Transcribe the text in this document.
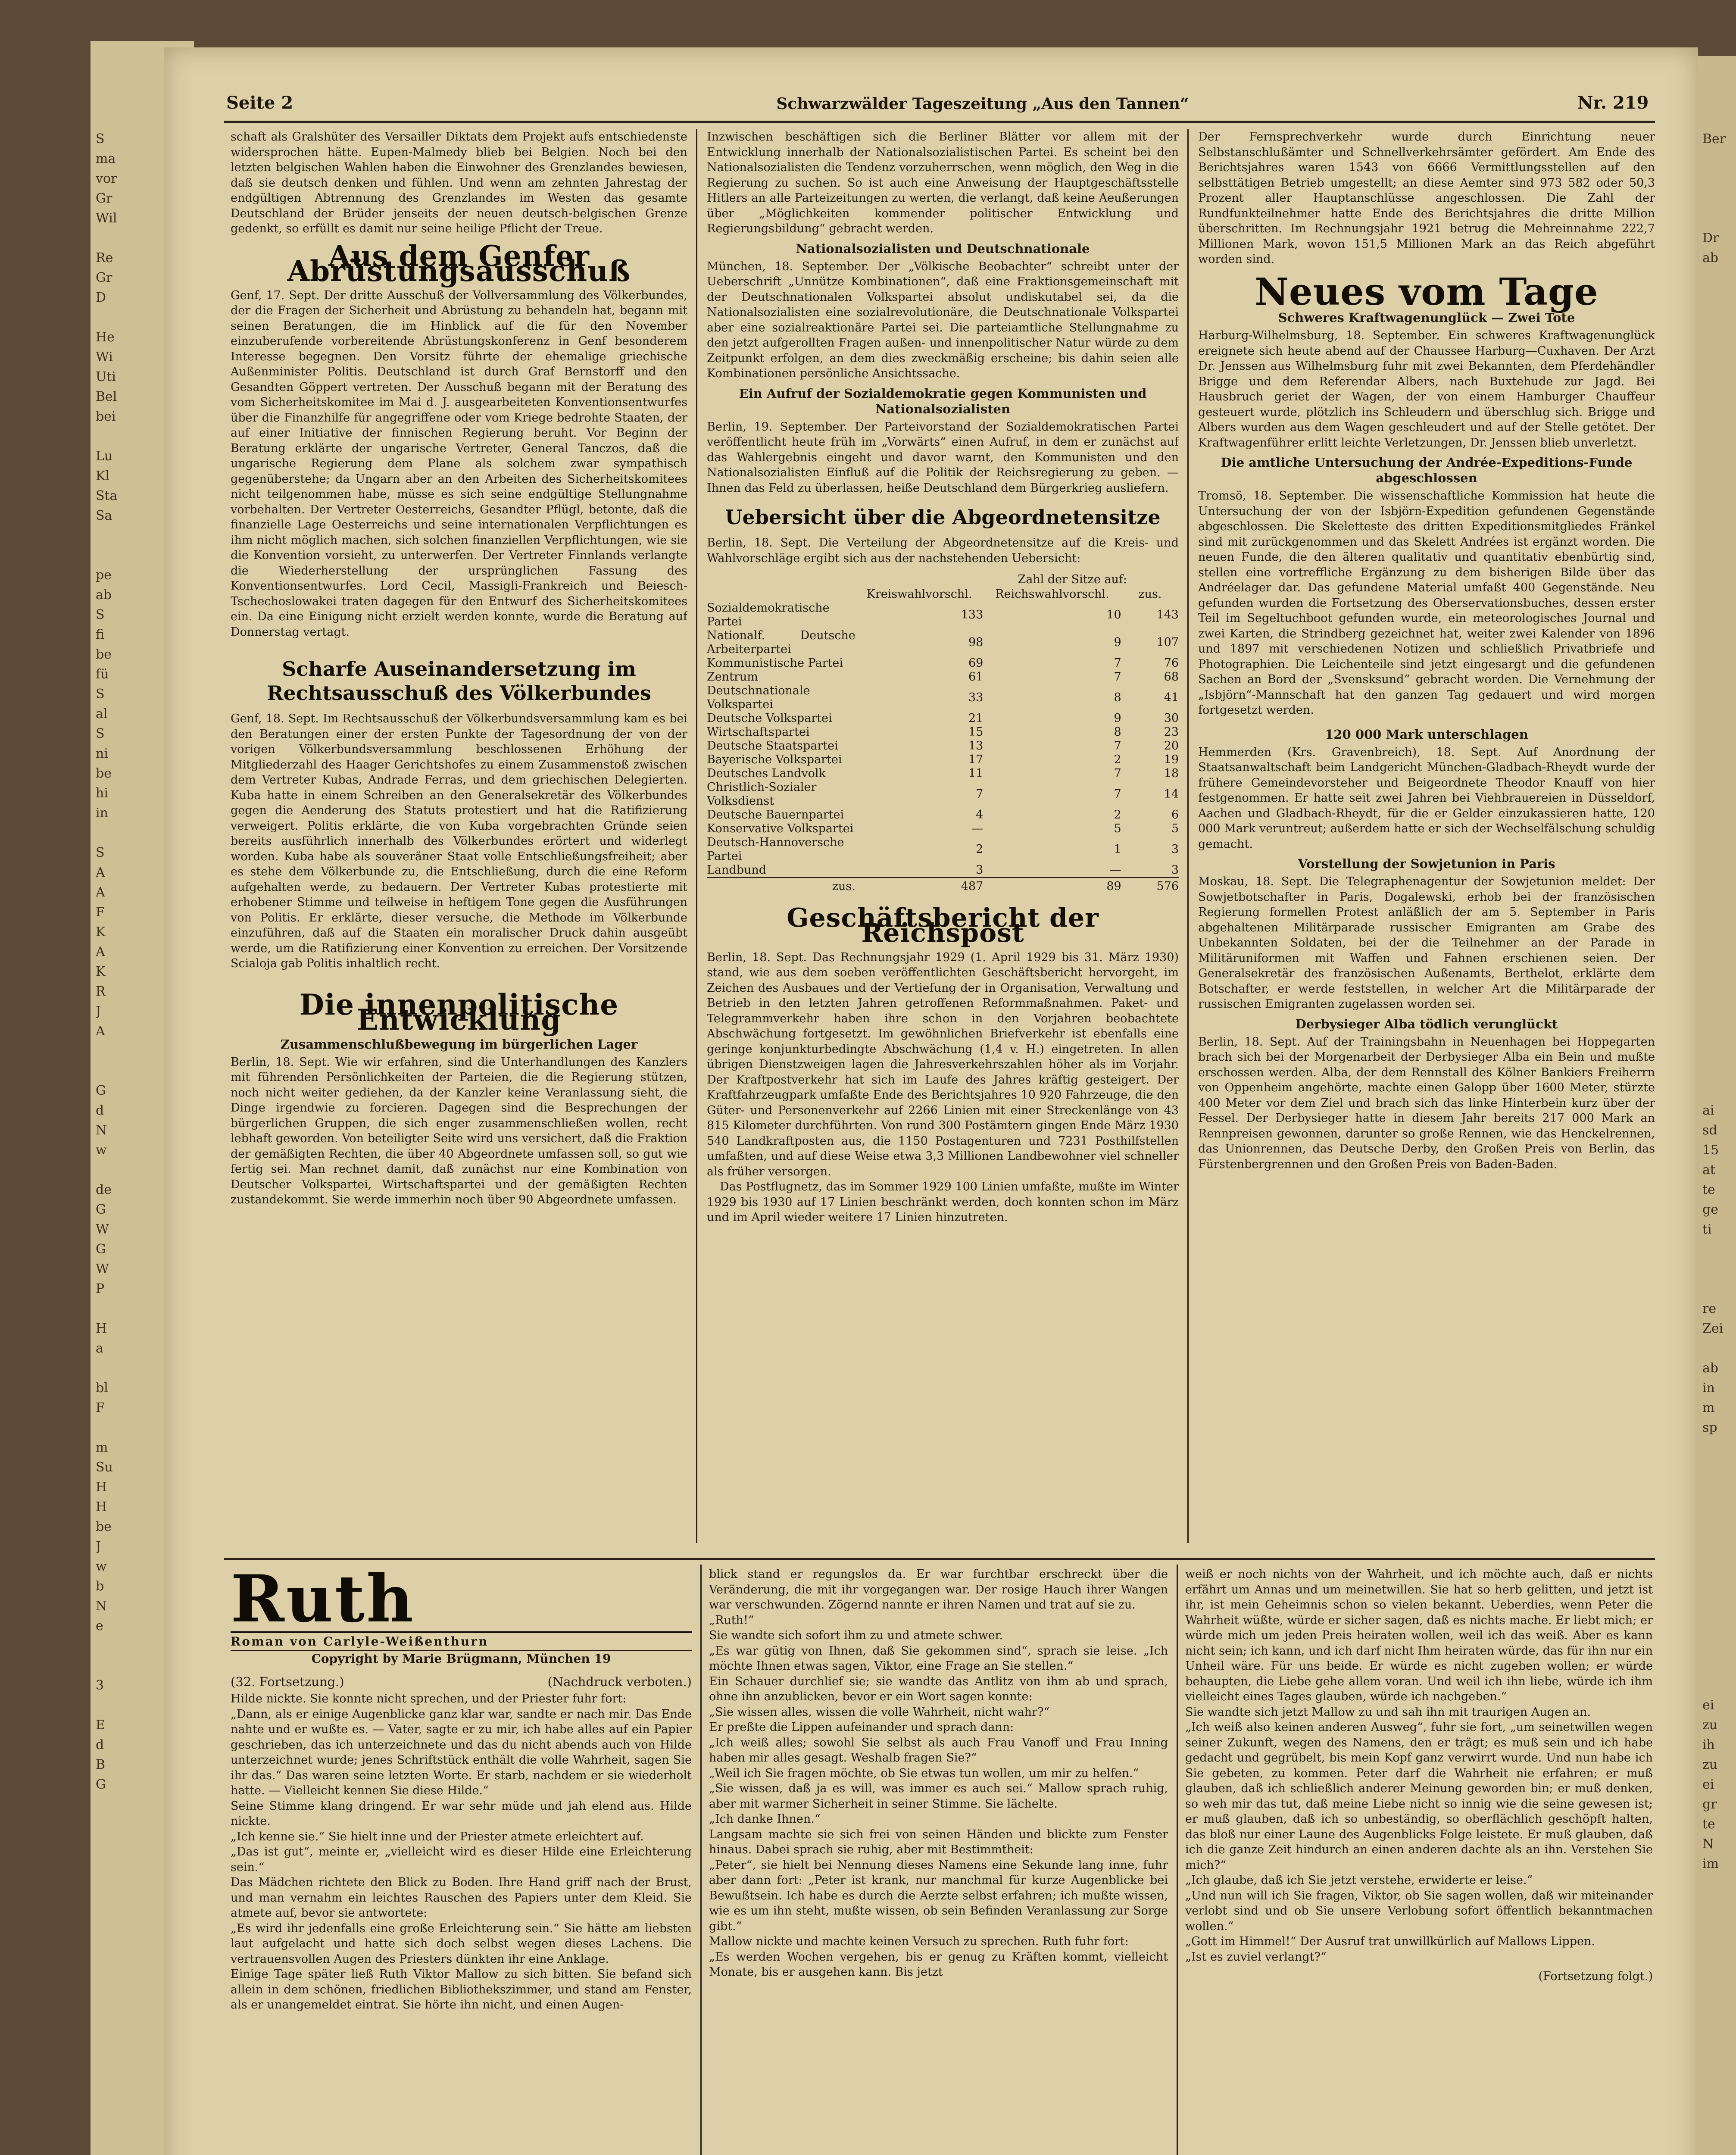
S
ma
vor
Gr
Wil

Re
Gr
D

He
Wi
Uti
Bel
bei

Lu
Kl
Sta
Sa

pe
ab
S
fi
be
fü
S
al
S
ni
be
hi
in

S
A
A
F
K
A
K
R
J
A

G
d
N
w

de
G
W
G
W
P

H
a

bl
F

m
Su
H
H
be
J
w
b
N
e

3

E
d
B
G
Ber

Dr
ab

ai
sd
15
at
te
ge
ti

re
Zei

ab
in
m
sp

ei
zu
ih
zu
ei
gr
te
N
im
Seite 2	Schwarzwälder Tageszeitung „Aus den Tannen“	Nr. 219

schaft als Gralshüter des Versailler Diktats dem Projekt aufs entschiedenste widersprochen hätte. Eupen-Malmedy blieb bei Belgien. Noch bei den letzten belgischen Wahlen haben die Einwohner des Grenzlandes bewiesen, daß sie deutsch denken und fühlen. Und wenn am zehnten Jahrestag der endgültigen Abtrennung des Grenzlandes im Westen das gesamte Deutschland der Brüder jenseits der neuen deutsch-belgischen Grenze gedenkt, so erfüllt es damit nur seine heilige Pflicht der Treue.

Aus dem Genfer Abrüstungsausschuß

Genf, 17. Sept. Der dritte Ausschuß der Vollversammlung des Völkerbundes, der die Fragen der Sicherheit und Abrüstung zu behandeln hat, begann mit seinen Beratungen, die im Hinblick auf die für den November einzuberufende vorbereitende Abrüstungskonferenz in Genf besonderem Interesse begegnen. Den Vorsitz führte der ehemalige griechische Außenminister Politis. Deutschland ist durch Graf Bernstorff und den Gesandten Göppert vertreten. Der Ausschuß begann mit der Beratung des vom Sicherheitskomitee im Mai d. J. ausgearbeiteten Konventionsentwurfes über die Finanzhilfe für angegriffene oder vom Kriege bedrohte Staaten, der auf einer Initiative der finnischen Regierung beruht. Vor Beginn der Beratung erklärte der ungarische Vertreter, General Tanczos, daß die ungarische Regierung dem Plane als solchem zwar sympathisch gegenüberstehe; da Ungarn aber an den Arbeiten des Sicherheitskomitees nicht teilgenommen habe, müsse es sich seine endgültige Stellungnahme vorbehalten. Der Vertreter Oesterreichs, Gesandter Pflügl, betonte, daß die finanzielle Lage Oesterreichs und seine internationalen Verpflichtungen es ihm nicht möglich machen, sich solchen finanziellen Verpflichtungen, wie sie die Konvention vorsieht, zu unterwerfen. Der Vertreter Finnlands verlangte die Wiederherstellung der ursprünglichen Fassung des Konventionsentwurfes. Lord Cecil, Massigli-Frankreich und Beiesch-Tschechoslowakei traten dagegen für den Entwurf des Sicherheitskomitees ein. Da eine Einigung nicht erzielt werden konnte, wurde die Beratung auf Donnerstag vertagt.

Scharfe Auseinandersetzung im Rechtsausschuß des Völkerbundes

Genf, 18. Sept. Im Rechtsausschuß der Völkerbundsversammlung kam es bei den Beratungen einer der ersten Punkte der Tagesordnung der von der vorigen Völkerbundsversammlung beschlossenen Erhöhung der Mitgliederzahl des Haager Gerichtshofes zu einem Zusammenstoß zwischen dem Vertreter Kubas, Andrade Ferras, und dem griechischen Delegierten. Kuba hatte in einem Schreiben an den Generalsekretär des Völkerbundes gegen die Aenderung des Statuts protestiert und hat die Ratifizierung verweigert. Politis erklärte, die von Kuba vorgebrachten Gründe seien bereits ausführlich innerhalb des Völkerbundes erörtert und widerlegt worden. Kuba habe als souveräner Staat volle Entschließungsfreiheit; aber es stehe dem Völkerbunde zu, die Entschließung, durch die eine Reform aufgehalten werde, zu bedauern. Der Vertreter Kubas protestierte mit erhobener Stimme und teilweise in heftigem Tone gegen die Ausführungen von Politis. Er erklärte, dieser versuche, die Methode im Völkerbunde einzuführen, daß auf die Staaten ein moralischer Druck dahin ausgeübt werde, um die Ratifizierung einer Konvention zu erreichen. Der Vorsitzende Scialoja gab Politis inhaltlich recht.

Die innenpolitische Entwicklung
Zusammenschlußbewegung im bürgerlichen Lager

Berlin, 18. Sept. Wie wir erfahren, sind die Unterhandlungen des Kanzlers mit führenden Persönlichkeiten der Parteien, die die Regierung stützen, noch nicht weiter gediehen, da der Kanzler keine Veranlassung sieht, die Dinge irgendwie zu forcieren. Dagegen sind die Besprechungen der bürgerlichen Gruppen, die sich enger zusammenschließen wollen, recht lebhaft geworden. Von beteiligter Seite wird uns versichert, daß die Fraktion der gemäßigten Rechten, die über 40 Abgeordnete umfassen soll, so gut wie fertig sei. Man rechnet damit, daß zunächst nur eine Kombination von Deutscher Volkspartei, Wirtschaftspartei und der gemäßigten Rechten zustandekommt. Sie werde immerhin noch über 90 Abgeordnete umfassen.

Inzwischen beschäftigen sich die Berliner Blätter vor allem mit der Entwicklung innerhalb der Nationalsozialistischen Partei. Es scheint bei den Nationalsozialisten die Tendenz vorzuherrschen, wenn möglich, den Weg in die Regierung zu suchen. So ist auch eine Anweisung der Hauptgeschäftsstelle Hitlers an alle Parteizeitungen zu werten, die verlangt, daß keine Aeußerungen über „Möglichkeiten kommender politischer Entwicklung und Regierungsbildung“ gebracht werden.

Nationalsozialisten und Deutschnationale

München, 18. September. Der „Völkische Beobachter“ schreibt unter der Ueberschrift „Unnütze Kombinationen“, daß eine Fraktionsgemeinschaft mit der Deutschnationalen Volkspartei absolut undiskutabel sei, da die Nationalsozialisten eine sozialrevolutionäre, die Deutschnationale Volkspartei aber eine sozialreaktionäre Partei sei. Die parteiamtliche Stellungnahme zu den jetzt aufgerollten Fragen außen- und innenpolitischer Natur würde zu dem Zeitpunkt erfolgen, an dem dies zweckmäßig erscheine; bis dahin seien alle Kombinationen persönliche Ansichtssache.

Ein Aufruf der Sozialdemokratie gegen Kommunisten und Nationalsozialisten

Berlin, 19. September. Der Parteivorstand der Sozialdemokratischen Partei veröffentlicht heute früh im „Vorwärts“ einen Aufruf, in dem er zunächst auf das Wahlergebnis eingeht und davor warnt, den Kommunisten und den Nationalsozialisten Einfluß auf die Politik der Reichsregierung zu geben. — Ihnen das Feld zu überlassen, heiße Deutschland dem Bürgerkrieg ausliefern.

Uebersicht über die Abgeordnetensitze

Berlin, 18. Sept. Die Verteilung der Abgeordnetensitze auf die Kreis- und Wahlvorschläge ergibt sich aus der nachstehenden Uebersicht:

Zahl der Sitze auf:
	Kreiswahlvorschl.	Reichswahlvorschl.	zus.
Sozialdemokratische Partei	133	10	143
Nationalf. Deutsche Arbeiterpartei	98	9	107
Kommunistische Partei	69	7	76
Zentrum	61	7	68
Deutschnationale Volkspartei	33	8	41
Deutsche Volkspartei	21	9	30
Wirtschaftspartei	15	8	23
Deutsche Staatspartei	13	7	20
Bayerische Volkspartei	17	2	19
Deutsches Landvolk	11	7	18
Christlich-Sozialer Volksdienst	7	7	14
Deutsche Bauernpartei	4	2	6
Konservative Volkspartei	—	5	5
Deutsch-Hannoversche Partei	2	1	3
Landbund	3	—	3
zus.	487	89	576
Geschäftsbericht der Reichspost

Berlin, 18. Sept. Das Rechnungsjahr 1929 (1. April 1929 bis 31. März 1930) stand, wie aus dem soeben veröffentlichten Geschäftsbericht hervorgeht, im Zeichen des Ausbaues und der Vertiefung der in Organisation, Verwaltung und Betrieb in den letzten Jahren getroffenen Reformmaßnahmen. Paket- und Telegrammverkehr haben ihre schon in den Vorjahren beobachtete Abschwächung fortgesetzt. Im gewöhnlichen Briefverkehr ist ebenfalls eine geringe konjunkturbedingte Abschwächung (1,4 v. H.) eingetreten. In allen übrigen Dienstzweigen lagen die Jahresverkehrszahlen höher als im Vorjahr. Der Kraftpostverkehr hat sich im Laufe des Jahres kräftig gesteigert. Der Kraftfahrzeugpark umfaßte Ende des Berichtsjahres 10 920 Fahrzeuge, die den Güter- und Personenverkehr auf 2266 Linien mit einer Streckenlänge von 43 815 Kilometer durchführten. Von rund 300 Postämtern gingen Ende März 1930 540 Landkraftposten aus, die 1150 Postagenturen und 7231 Posthilfstellen umfaßten, und auf diese Weise etwa 3,3 Millionen Landbewohner viel schneller als früher versorgen.

Das Postflugnetz, das im Sommer 1929 100 Linien umfaßte, mußte im Winter 1929 bis 1930 auf 17 Linien beschränkt werden, doch konnten schon im März und im April wieder weitere 17 Linien hinzutreten.

Der Fernsprechverkehr wurde durch Einrichtung neuer Selbstanschlußämter und Schnellverkehrsämter gefördert. Am Ende des Berichtsjahres waren 1543 von 6666 Vermittlungsstellen auf den selbsttätigen Betrieb umgestellt; an diese Aemter sind 973 582 oder 50,3 Prozent aller Hauptanschlüsse angeschlossen. Die Zahl der Rundfunkteilnehmer hatte Ende des Berichtsjahres die dritte Million überschritten. Im Rechnungsjahr 1921 betrug die Mehreinnahme 222,7 Millionen Mark, wovon 151,5 Millionen Mark an das Reich abgeführt worden sind.

Neues vom Tage
Schweres Kraftwagenunglück — Zwei Tote

Harburg-Wilhelmsburg, 18. September. Ein schweres Kraftwagenunglück ereignete sich heute abend auf der Chaussee Harburg—Cuxhaven. Der Arzt Dr. Jenssen aus Wilhelmsburg fuhr mit zwei Bekannten, dem Pferdehändler Brigge und dem Referendar Albers, nach Buxtehude zur Jagd. Bei Hausbruch geriet der Wagen, der von einem Hamburger Chauffeur gesteuert wurde, plötzlich ins Schleudern und überschlug sich. Brigge und Albers wurden aus dem Wagen geschleudert und auf der Stelle getötet. Der Kraftwagenführer erlitt leichte Verletzungen, Dr. Jenssen blieb unverletzt.

Die amtliche Untersuchung der Andrée-Expeditions-Funde abgeschlossen

Tromsö, 18. September. Die wissenschaftliche Kommission hat heute die Untersuchung der von der Isbjörn-Expedition gefundenen Gegenstände abgeschlossen. Die Skeletteste des dritten Expeditionsmitgliedes Fränkel sind mit zurückgenommen und das Skelett Andrées ist ergänzt worden. Die neuen Funde, die den älteren qualitativ und quantitativ ebenbürtig sind, stellen eine vortreffliche Ergänzung zu dem bisherigen Bilde über das Andréelager dar. Das gefundene Material umfaßt 400 Gegenstände. Neu gefunden wurden die Fortsetzung des Oberservationsbuches, dessen erster Teil im Segeltuchboot gefunden wurde, ein meteorologisches Journal und zwei Karten, die Strindberg gezeichnet hat, weiter zwei Kalender von 1896 und 1897 mit verschiedenen Notizen und schließlich Privatbriefe und Photographien. Die Leichenteile sind jetzt eingesargt und die gefundenen Sachen an Bord der „Svensksund“ gebracht worden. Die Vernehmung der „Isbjörn“-Mannschaft hat den ganzen Tag gedauert und wird morgen fortgesetzt werden.

120 000 Mark unterschlagen

Hemmerden (Krs. Gravenbreich), 18. Sept. Auf Anordnung der Staatsanwaltschaft beim Landgericht München-Gladbach-Rheydt wurde der frühere Gemeindevorsteher und Beigeordnete Theodor Knauff von hier festgenommen. Er hatte seit zwei Jahren bei Viehbrauereien in Düsseldorf, Aachen und Gladbach-Rheydt, für die er Gelder einzukassieren hatte, 120 000 Mark veruntreut; außerdem hatte er sich der Wechselfälschung schuldig gemacht.

Vorstellung der Sowjetunion in Paris

Moskau, 18. Sept. Die Telegraphenagentur der Sowjetunion meldet: Der Sowjetbotschafter in Paris, Dogalewski, erhob bei der französischen Regierung formellen Protest anläßlich der am 5. September in Paris abgehaltenen Militärparade russischer Emigranten am Grabe des Unbekannten Soldaten, bei der die Teilnehmer an der Parade in Militäruniformen mit Waffen und Fahnen erschienen seien. Der Generalsekretär des französischen Außenamts, Berthelot, erklärte dem Botschafter, er werde feststellen, in welcher Art die Militärparade der russischen Emigranten zugelassen worden sei.

Derbysieger Alba tödlich verunglückt

Berlin, 18. Sept. Auf der Trainingsbahn in Neuenhagen bei Hoppegarten brach sich bei der Morgenarbeit der Derbysieger Alba ein Bein und mußte erschossen werden. Alba, der dem Rennstall des Kölner Bankiers Freiherrn von Oppenheim angehörte, machte einen Galopp über 1600 Meter, stürzte 400 Meter vor dem Ziel und brach sich das linke Hinterbein kurz über der Fessel. Der Derbysieger hatte in diesem Jahr bereits 217 000 Mark an Rennpreisen gewonnen, darunter so große Rennen, wie das Henckelrennen, das Unionrennen, das Deutsche Derby, den Großen Preis von Berlin, das Fürstenbergrennen und den Großen Preis von Baden-Baden.

Ruth
Roman von Carlyle-Weißenthurn
Copyright by Marie Brügmann, München 19
(32. Fortsetzung.)	(Nachdruck verboten.)

Hilde nickte. Sie konnte nicht sprechen, und der Priester fuhr fort:
„Dann, als er einige Augenblicke ganz klar war, sandte er nach mir. Das Ende nahte und er wußte es. — Vater, sagte er zu mir, ich habe alles auf ein Papier geschrieben, das ich unterzeichnete und das du nicht abends auch von Hilde unterzeichnet wurde; jenes Schriftstück enthält die volle Wahrheit, sagen Sie ihr das.“ Das waren seine letzten Worte. Er starb, nachdem er sie wiederholt hatte. — Vielleicht kennen Sie diese Hilde.“
Seine Stimme klang dringend. Er war sehr müde und jah elend aus. Hilde nickte.
„Ich kenne sie.“ Sie hielt inne und der Priester atmete erleichtert auf.
„Das ist gut“, meinte er, „vielleicht wird es dieser Hilde eine Erleichterung sein.“
Das Mädchen richtete den Blick zu Boden. Ihre Hand griff nach der Brust, und man vernahm ein leichtes Rauschen des Papiers unter dem Kleid. Sie atmete auf, bevor sie antwortete:
„Es wird ihr jedenfalls eine große Erleichterung sein.“ Sie hätte am liebsten laut aufgelacht und hatte sich doch selbst wegen dieses Lachens. Die vertrauensvollen Augen des Priesters dünkten ihr eine Anklage.
Einige Tage später ließ Ruth Viktor Mallow zu sich bitten. Sie befand sich allein in dem schönen, friedlichen Bibliothekszimmer, und stand am Fenster, als er unangemeldet eintrat. Sie hörte ihn nicht, und einen Augen-

blick stand er regungslos da. Er war furchtbar erschreckt über die Veränderung, die mit ihr vorgegangen war. Der rosige Hauch ihrer Wangen war verschwunden. Zögernd nannte er ihren Namen und trat auf sie zu.
„Ruth!“
Sie wandte sich sofort ihm zu und atmete schwer.
„Es war gütig von Ihnen, daß Sie gekommen sind“, sprach sie leise. „Ich möchte Ihnen etwas sagen, Viktor, eine Frage an Sie stellen.“
Ein Schauer durchlief sie; sie wandte das Antlitz von ihm ab und sprach, ohne ihn anzublicken, bevor er ein Wort sagen konnte:
„Sie wissen alles, wissen die volle Wahrheit, nicht wahr?“
Er preßte die Lippen aufeinander und sprach dann:
„Ich weiß alles; sowohl Sie selbst als auch Frau Vanoff und Frau Inning haben mir alles gesagt. Weshalb fragen Sie?“
„Weil ich Sie fragen möchte, ob Sie etwas tun wollen, um mir zu helfen.“
„Sie wissen, daß ja es will, was immer es auch sei.“ Mallow sprach ruhig, aber mit warmer Sicherheit in seiner Stimme. Sie lächelte.
„Ich danke Ihnen.“
Langsam machte sie sich frei von seinen Händen und blickte zum Fenster hinaus. Dabei sprach sie ruhig, aber mit Bestimmtheit:
„Peter“, sie hielt bei Nennung dieses Namens eine Sekunde lang inne, fuhr aber dann fort: „Peter ist krank, nur manchmal für kurze Augenblicke bei Bewußtsein. Ich habe es durch die Aerzte selbst erfahren; ich mußte wissen, wie es um ihn steht, mußte wissen, ob sein Befinden Veranlassung zur Sorge gibt.“
Mallow nickte und machte keinen Versuch zu sprechen. Ruth fuhr fort:
„Es werden Wochen vergehen, bis er genug zu Kräften kommt, vielleicht Monate, bis er ausgehen kann. Bis jetzt

weiß er noch nichts von der Wahrheit, und ich möchte auch, daß er nichts erfährt um Annas und um meinetwillen. Sie hat so herb gelitten, und jetzt ist ihr, ist mein Geheimnis schon so vielen bekannt. Ueberdies, wenn Peter die Wahrheit wüßte, würde er sicher sagen, daß es nichts mache. Er liebt mich; er würde mich um jeden Preis heiraten wollen, weil ich das weiß. Aber es kann nicht sein; ich kann, und ich darf nicht Ihm heiraten würde, das für ihn nur ein Unheil wäre. Für uns beide. Er würde es nicht zugeben wollen; er würde behaupten, die Liebe gehe allem voran. Und weil ich ihn liebe, würde ich ihm vielleicht eines Tages glauben, würde ich nachgeben.“
Sie wandte sich jetzt Mallow zu und sah ihn mit traurigen Augen an.
„Ich weiß also keinen anderen Ausweg“, fuhr sie fort, „um seinetwillen wegen seiner Zukunft, wegen des Namens, den er trägt; es muß sein und ich habe gedacht und gegrübelt, bis mein Kopf ganz verwirrt wurde. Und nun habe ich Sie gebeten, zu kommen. Peter darf die Wahrheit nie erfahren; er muß glauben, daß ich schließlich anderer Meinung geworden bin; er muß denken, so weh mir das tut, daß meine Liebe nicht so innig wie die seine gewesen ist; er muß glauben, daß ich so unbeständig, so oberflächlich geschöpft halten, das bloß nur einer Laune des Augenblicks Folge leistete. Er muß glauben, daß ich die ganze Zeit hindurch an einen anderen dachte als an ihn. Verstehen Sie mich?“
„Ich glaube, daß ich Sie jetzt verstehe, erwiderte er leise.“
„Und nun will ich Sie fragen, Viktor, ob Sie sagen wollen, daß wir miteinander verlobt sind und ob Sie unsere Verlobung sofort öffentlich bekanntmachen wollen.“
„Gott im Himmel!“ Der Ausruf trat unwillkürlich auf Mallows Lippen.
„Ist es zuviel verlangt?“

(Fortsetzung folgt.)
